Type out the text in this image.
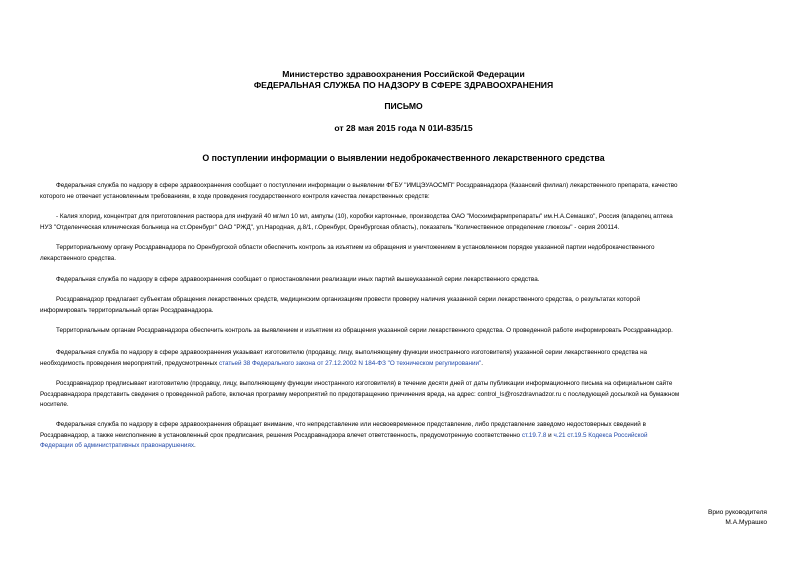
Министерство здравоохранения Российской Федерации
ФЕДЕРАЛЬНАЯ СЛУЖБА ПО НАДЗОРУ В СФЕРЕ ЗДРАВООХРАНЕНИЯ
ПИСЬМО
от 28 мая 2015 года N 01И-835/15
О поступлении информации о выявлении недоброкачественного лекарственного средства
Федеральная служба по надзору в сфере здравоохранения сообщает о поступлении информации о выявлении ФГБУ "ИМЦЭУАОСМП" Росздравнадзора (Казанский филиал) лекарственного препарата, качество
которого не отвечает установленным требованиям, в ходе проведения государственного контроля качества лекарственных средств:
- Калия хлорид, концентрат для приготовления раствора для инфузий 40 мг/мл 10 мл, ампулы (10), коробки картонные, производства ОАО "Мосхимфармпрепараты" им.Н.А.Семашко", Россия (владелец аптека
НУЗ "Отделенческая клиническая больница на ст.Оренбург" ОАО "РЖД", ул.Народная, д.8/1, г.Оренбург, Оренбургская область), показатель "Количественное определение глюкозы" - серия 200114.
Территориальному органу Росздравнадзора по Оренбургской области обеспечить контроль за изъятием из обращения и уничтожением в установленном порядке указанной партии недоброкачественного
лекарственного средства.
Федеральная служба по надзору в сфере здравоохранения сообщает о приостановлении реализации иных партий вышеуказанной серии лекарственного средства.
Росздравнадзор предлагает субъектам обращения лекарственных средств, медицинским организациям провести проверку наличия указанной серии лекарственного средства, о результатах которой
информировать территориальный орган Росздравнадзора.
Территориальным органам Росздравнадзора обеспечить контроль за выявлением и изъятием из обращения указанной серии лекарственного средства. О проведенной работе информировать Росздравнадзор.
Федеральная служба по надзору в сфере здравоохранения указывает изготовителю (продавцу, лицу, выполняющему функции иностранного изготовителя) указанной серии лекарственного средства на
необходимость проведения мероприятий, предусмотренных статьей 38 Федерального закона от 27.12.2002 N 184-ФЗ "О техническом регулировании".
Росздравнадзор предписывает изготовителю (продавцу, лицу, выполняющему функции иностранного изготовителя) в течение десяти дней от даты публикации информационного письма на официальном сайте
Росздравнадзора представить сведения о проведенной работе, включая программу мероприятий по предотвращению причинения вреда, на адрес: control_ls@roszdravnadzor.ru с последующей досылкой на бумажном
носителе.
Федеральная служба по надзору в сфере здравоохранения обращает внимание, что непредставление или несвоевременное представление, либо представление заведомо недостоверных сведений в
Росздравнадзор, а также неисполнение в установленный срок предписания, решения Росздравнадзора влечет ответственность, предусмотренную соответственно ст.19.7.8 и ч.21 ст.19.5 Кодекса Российской
Федерации об административных правонарушениях.
Врио руководителя
М.А.Мурашко
